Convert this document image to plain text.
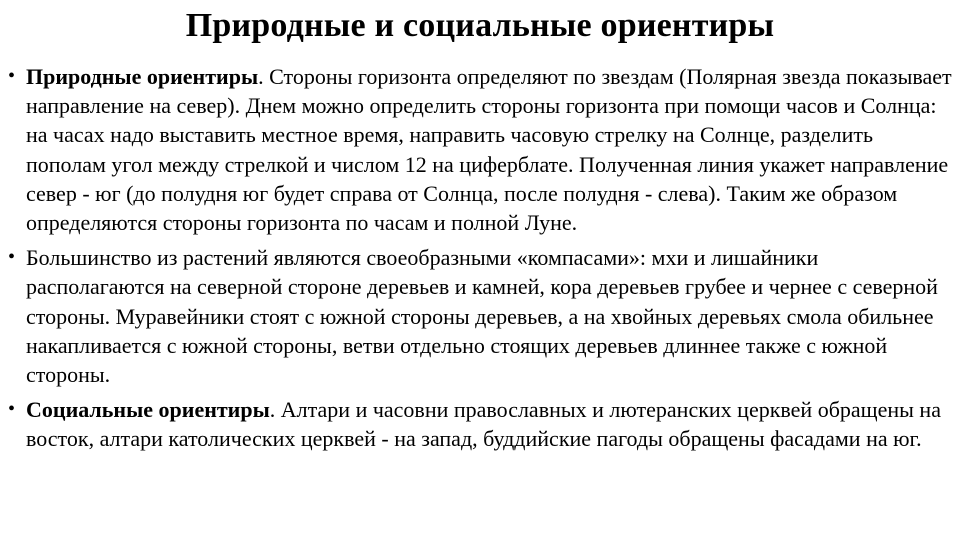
Природные и социальные ориентиры
• Природные ориентиры. Стороны горизонта определяют по звездам (Полярная звезда показывает направление на север). Днем можно определить стороны горизонта при помощи часов и Солнца: на часах надо выставить местное время, направить часовую стрелку на Солнце, разделить пополам угол между стрелкой и числом 12 на циферблате. Полученная линия укажет направление север - юг (до полудня юг будет справа от Солнца, после полудня - слева). Таким же образом определяются стороны горизонта по часам и полной Луне.
• Большинство из растений являются своеобразными «компасами»: мхи и лишайники располагаются на северной стороне деревьев и камней, кора деревьев грубее и чернее с северной стороны. Муравейники стоят с южной стороны деревьев, а на хвойных деревьях смола обильнее накапливается с южной стороны, ветви отдельно стоящих деревьев длиннее также с южной стороны.
• Социальные ориентиры. Алтари и часовни православных и лютеранских церквей обращены на восток, алтари католических церквей - на запад, буддийские пагоды обращены фасадами на юг.
